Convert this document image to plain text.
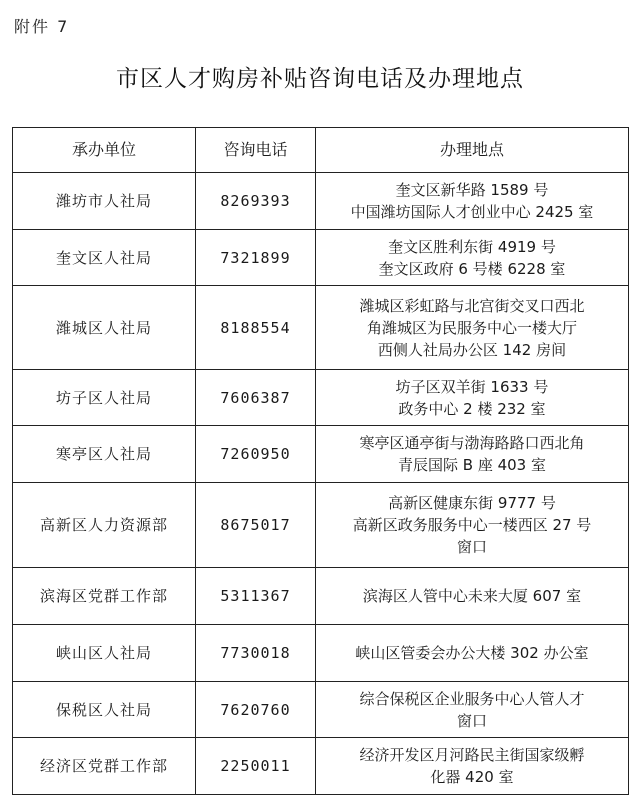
附件 7
市区人才购房补贴咨询电话及办理地点
承办单位	咨询电话	办理地点
潍坊市人社局	8269393	奎文区新华路 1589 号
中国潍坊国际人才创业中心 2425 室

奎文区人社局	7321899	奎文区胜利东街 4919 号
奎文区政府 6 号楼 6228 室

潍城区人社局	8188554	潍城区彩虹路与北宫街交叉口西北
角潍城区为民服务中心一楼大厅
西侧人社局办公区 142 房间

坊子区人社局	7606387	坊子区双羊街 1633 号
政务中心 2 楼 232 室

寒亭区人社局	7260950	寒亭区通亭街与渤海路路口西北角
青辰国际 B 座 403 室

高新区人力资源部	8675017	高新区健康东街 9777 号
高新区政务服务中心一楼西区 27 号
窗口

滨海区党群工作部	5311367	滨海区人管中心未来大厦 607 室

峡山区人社局	7730018	峡山区管委会办公大楼 302 办公室

保税区人社局	7620760	综合保税区企业服务中心人管人才
窗口

经济区党群工作部	2250011	经济开发区月河路民主街国家级孵
化器 420 室
